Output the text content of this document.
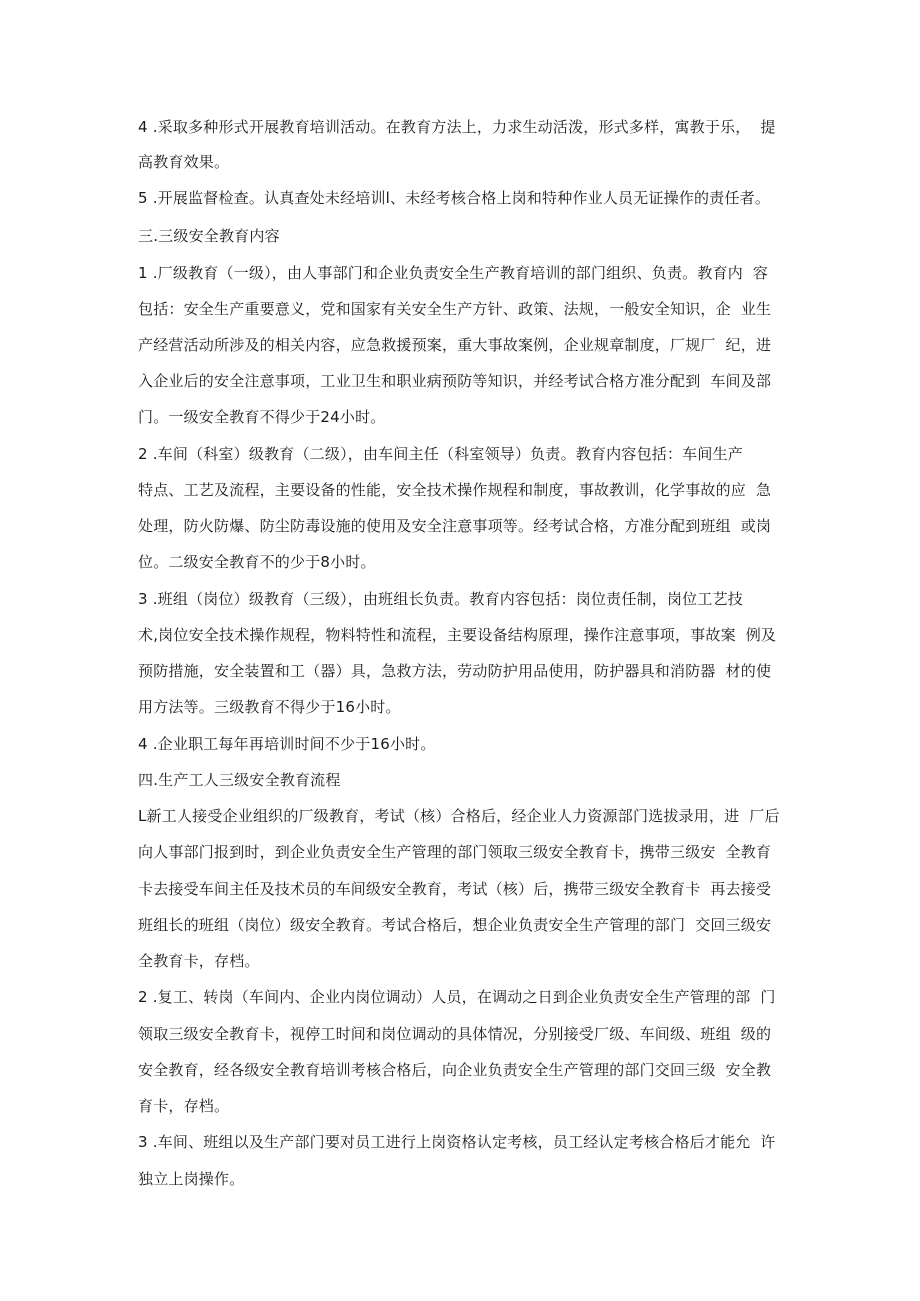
4 .采取多种形式开展教育培训活动。在教育方法上，力求生动活泼，形式多样，寓教于乐，  提
高教育效果。
5 .开展监督检查。认真查处未经培训l、未经考核合格上岗和特种作业人员无证操作的责任者。
三.三级安全教育内容
1 .厂级教育（一级），由人事部门和企业负责安全生产教育培训的部门组织、负责。教育内  容
包括：安全生产重要意义，党和国家有关安全生产方针、政策、法规，一般安全知识，企  业生
产经营活动所涉及的相关内容，应急救援预案，重大事故案例，企业规章制度，厂规厂  纪，进
入企业后的安全注意事项，工业卫生和职业病预防等知识，并经考试合格方准分配到  车间及部
门。一级安全教育不得少于24小时。
2 .车间（科室）级教育（二级），由车间主任（科室领导）负责。教育内容包括：车间生产
特点、工艺及流程，主要设备的性能，安全技术操作规程和制度，事故教训，化学事故的应  急
处理，防火防爆、防尘防毒设施的使用及安全注意事项等。经考试合格，方准分配到班组  或岗
位。二级安全教育不的少于8小时。
3 .班组（岗位）级教育（三级），由班组长负责。教育内容包括：岗位责任制，岗位工艺技
术,岗位安全技术操作规程，物料特性和流程，主要设备结构原理，操作注意事项，事故案  例及
预防措施，安全装置和工（器）具，急救方法，劳动防护用品使用，防护器具和消防器  材的使
用方法等。三级教育不得少于16小时。
4 .企业职工每年再培训时间不少于16小时。
四.生产工人三级安全教育流程
L新工人接受企业组织的厂级教育，考试（核）合格后，经企业人力资源部门选拔录用，进  厂后
向人事部门报到时，到企业负责安全生产管理的部门领取三级安全教育卡，携带三级安  全教育
卡去接受车间主任及技术员的车间级安全教育，考试（核）后，携带三级安全教育卡  再去接受
班组长的班组（岗位）级安全教育。考试合格后，想企业负责安全生产管理的部门  交回三级安
全教育卡，存档。
2 .复工、转岗（车间内、企业内岗位调动）人员，在调动之日到企业负责安全生产管理的部  门
领取三级安全教育卡，视停工时间和岗位调动的具体情况，分别接受厂级、车间级、班组  级的
安全教育，经各级安全教育培训考核合格后，向企业负责安全生产管理的部门交回三级  安全教
育卡，存档。
3 .车间、班组以及生产部门要对员工进行上岗资格认定考核，员工经认定考核合格后才能允  许
独立上岗操作。
